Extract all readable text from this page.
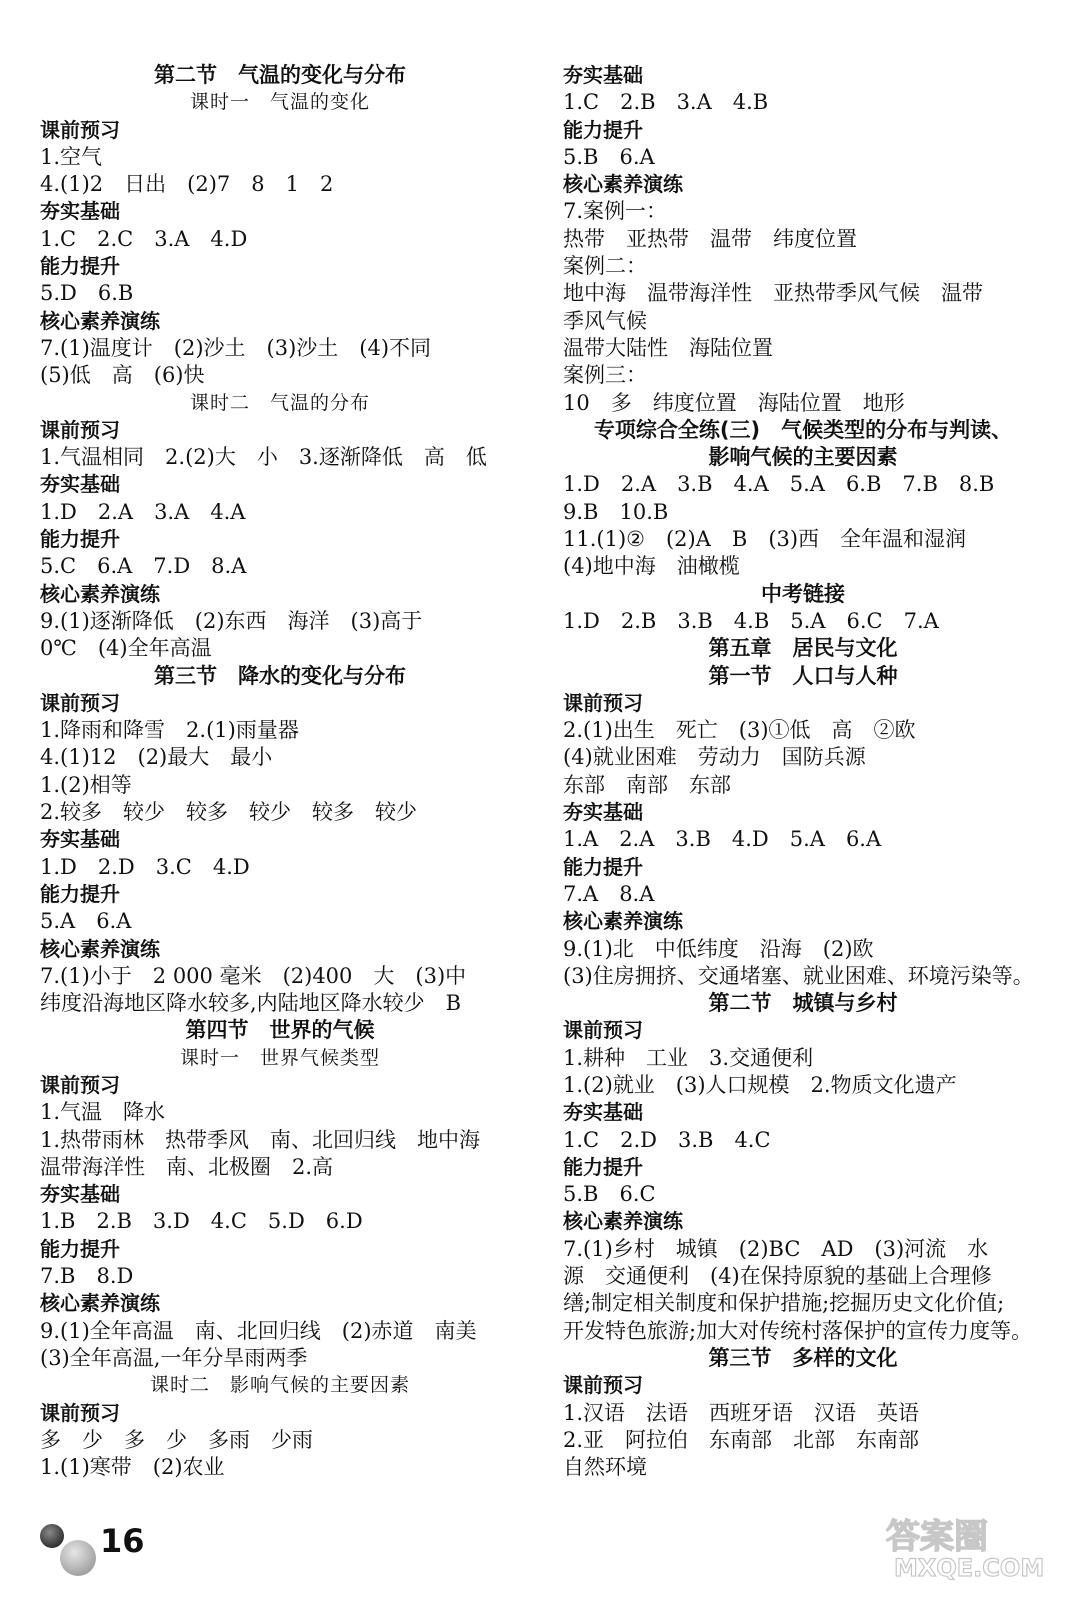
第二节　气温的变化与分布
课时一　气温的变化
课前预习
1.空气
4.(1)2　日出　(2)7　8　1　2
夯实基础
1.C　2.C　3.A　4.D
能力提升
5.D　6.B
核心素养演练
7.(1)温度计　(2)沙土　(3)沙土　(4)不同
(5)低　高　(6)快
课时二　气温的分布
课前预习
1.气温相同　2.(2)大　小　3.逐渐降低　高　低
夯实基础
1.D　2.A　3.A　4.A
能力提升
5.C　6.A　7.D　8.A
核心素养演练
9.(1)逐渐降低　(2)东西　海洋　(3)高于
0℃　(4)全年高温
第三节　降水的变化与分布
课前预习
1.降雨和降雪　2.(1)雨量器
4.(1)12　(2)最大　最小
1.(2)相等
2.较多　较少　较多　较少　较多　较少
夯实基础
1.D　2.D　3.C　4.D
能力提升
5.A　6.A
核心素养演练
7.(1)小于　2 000 毫米　(2)400　大　(3)中
纬度沿海地区降水较多,内陆地区降水较少　B
第四节　世界的气候
课时一　世界气候类型
课前预习
1.气温　降水
1.热带雨林　热带季风　南、北回归线　地中海
温带海洋性　南、北极圈　2.高
夯实基础
1.B　2.B　3.D　4.C　5.D　6.D
能力提升
7.B　8.D
核心素养演练
9.(1)全年高温　南、北回归线　(2)赤道　南美
(3)全年高温,一年分旱雨两季
课时二　影响气候的主要因素
课前预习
多　少　多　少　多雨　少雨
1.(1)寒带　(2)农业
夯实基础
1.C　2.B　3.A　4.B
能力提升
5.B　6.A
核心素养演练
7.案例一：
热带　亚热带　温带　纬度位置
案例二：
地中海　温带海洋性　亚热带季风气候　温带
季风气候
温带大陆性　海陆位置
案例三：
10　多　纬度位置　海陆位置　地形
专项综合全练(三)　气候类型的分布与判读、
影响气候的主要因素
1.D　2.A　3.B　4.A　5.A　6.B　7.B　8.B
9.B　10.B
11.(1)②　(2)A　B　(3)西　全年温和湿润
(4)地中海　油橄榄
中考链接
1.D　2.B　3.B　4.B　5.A　6.C　7.A
第五章　居民与文化
第一节　人口与人种
课前预习
2.(1)出生　死亡　(3)①低　高　②欧
(4)就业困难　劳动力　国防兵源
东部　南部　东部
夯实基础
1.A　2.A　3.B　4.D　5.A　6.A
能力提升
7.A　8.A
核心素养演练
9.(1)北　中低纬度　沿海　(2)欧
(3)住房拥挤、交通堵塞、就业困难、环境污染等。
第二节　城镇与乡村
课前预习
1.耕种　工业　3.交通便利
1.(2)就业　(3)人口规模　2.物质文化遗产
夯实基础
1.C　2.D　3.B　4.C
能力提升
5.B　6.C
核心素养演练
7.(1)乡村　城镇　(2)BC　AD　(3)河流　水
源　交通便利　(4)在保持原貌的基础上合理修
缮;制定相关制度和保护措施;挖掘历史文化价值;
开发特色旅游;加大对传统村落保护的宣传力度等。
第三节　多样的文化
课前预习
1.汉语　法语　西班牙语　汉语　英语
2.亚　阿拉伯　东南部　北部　东南部
自然环境
16	答案圈
MXQE.COM
